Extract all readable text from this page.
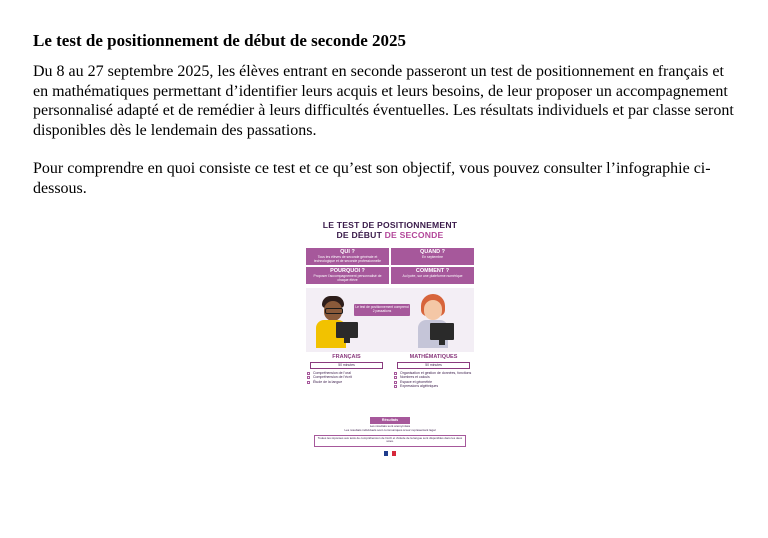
Le test de positionnement de début de seconde 2025

Du 8 au 27 septembre 2025, les élèves entrant en seconde passeront un test de positionnement en français et en mathématiques permettant d’identifier leurs acquis et leurs besoins, de leur proposer un accompagnement personnalisé adapté et de remédier à leurs difficultés éventuelles. Les résultats individuels et par classe seront disponibles dès le lendemain des passations.

Pour comprendre en quoi consiste ce test et ce qu’est son objectif, vous pouvez consulter l’infographie ci-dessous.

LE TEST DE POSITIONNEMENT
DE DÉBUT DE SECONDE
QUI ?
Tous les élèves de seconde générale et technologique et de seconde professionnelle
QUAND ?
En septembre
POURQUOI ?
Proposer l’accompagnement personnalisé de chaque élève
COMMENT ?
Au lycée, sur une plateforme numérique
Le test de positionnement comprend 2 passations
FRANÇAIS
50 minutes
Compréhension de l’oral
Compréhension de l’écrit
Étude de la langue
MATHÉMATIQUES
50 minutes
Organisation et gestion de données, fonctions
Nombres et calculs
Espace et géométrie
Expressions algébriques
Résultats
Les résultats sont anonymisés
Les résultats individuels sont communiqués à leur représentant légal
Toutes les réponses aux tests de compréhension de l’écrit et d’étude de la langue sont disponibles dans les deux voies.
